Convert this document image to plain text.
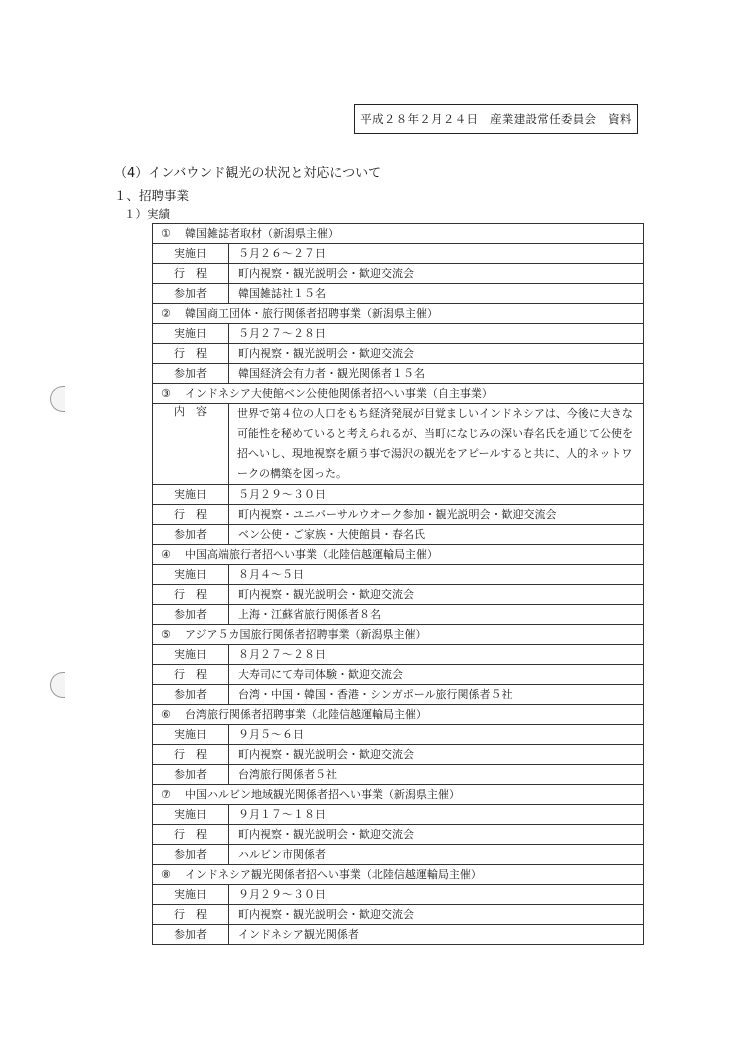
平成２８年２月２４日　産業建設常任委員会　資料
（4）インバウンド観光の状況と対応について
１、招聘事業
１）実績
① 韓国雑誌者取材（新潟県主催）	
実施日	５月２６〜２７日
行　程	町内視察・観光説明会・歓迎交流会
参加者	韓国雑誌社１５名
② 韓国商工団体・旅行関係者招聘事業（新潟県主催）	
実施日	５月２７〜２８日
行　程	町内視察・観光説明会・歓迎交流会
参加者	韓国経済会有力者・観光関係者１５名
③ インドネシア大使館ベン公使他関係者招へい事業（自主事業）	
内　容	世界で第４位の人口をもち経済発展が目覚ましいインドネシアは、今後に大きな可能性を秘めていると考えられるが、当町になじみの深い春名氏を通じて公使を招へいし、現地視察を願う事で湯沢の観光をアピールすると共に、人的ネットワークの構築を図った。
実施日	５月２９〜３０日
行　程	町内視察・ユニバーサルウオーク参加・観光説明会・歓迎交流会
参加者	ベン公使・ご家族・大使館員・春名氏
④ 中国高端旅行者招へい事業（北陸信越運輸局主催）	
実施日	８月４〜５日
行　程	町内視察・観光説明会・歓迎交流会
参加者	上海・江蘇省旅行関係者８名
⑤ アジア５カ国旅行関係者招聘事業（新潟県主催）	
実施日	８月２７〜２８日
行　程	大寿司にて寿司体験・歓迎交流会
参加者	台湾・中国・韓国・香港・シンガポール旅行関係者５社
⑥ 台湾旅行関係者招聘事業（北陸信越運輸局主催）	
実施日	９月５〜６日
行　程	町内視察・観光説明会・歓迎交流会
参加者	台湾旅行関係者５社
⑦ 中国ハルビン地域観光関係者招へい事業（新潟県主催）	
実施日	９月１７〜１８日
行　程	町内視察・観光説明会・歓迎交流会
参加者	ハルビン市関係者
⑧ インドネシア観光関係者招へい事業（北陸信越運輸局主催）	
実施日	９月２９〜３０日
行　程	町内視察・観光説明会・歓迎交流会
参加者	インドネシア観光関係者
